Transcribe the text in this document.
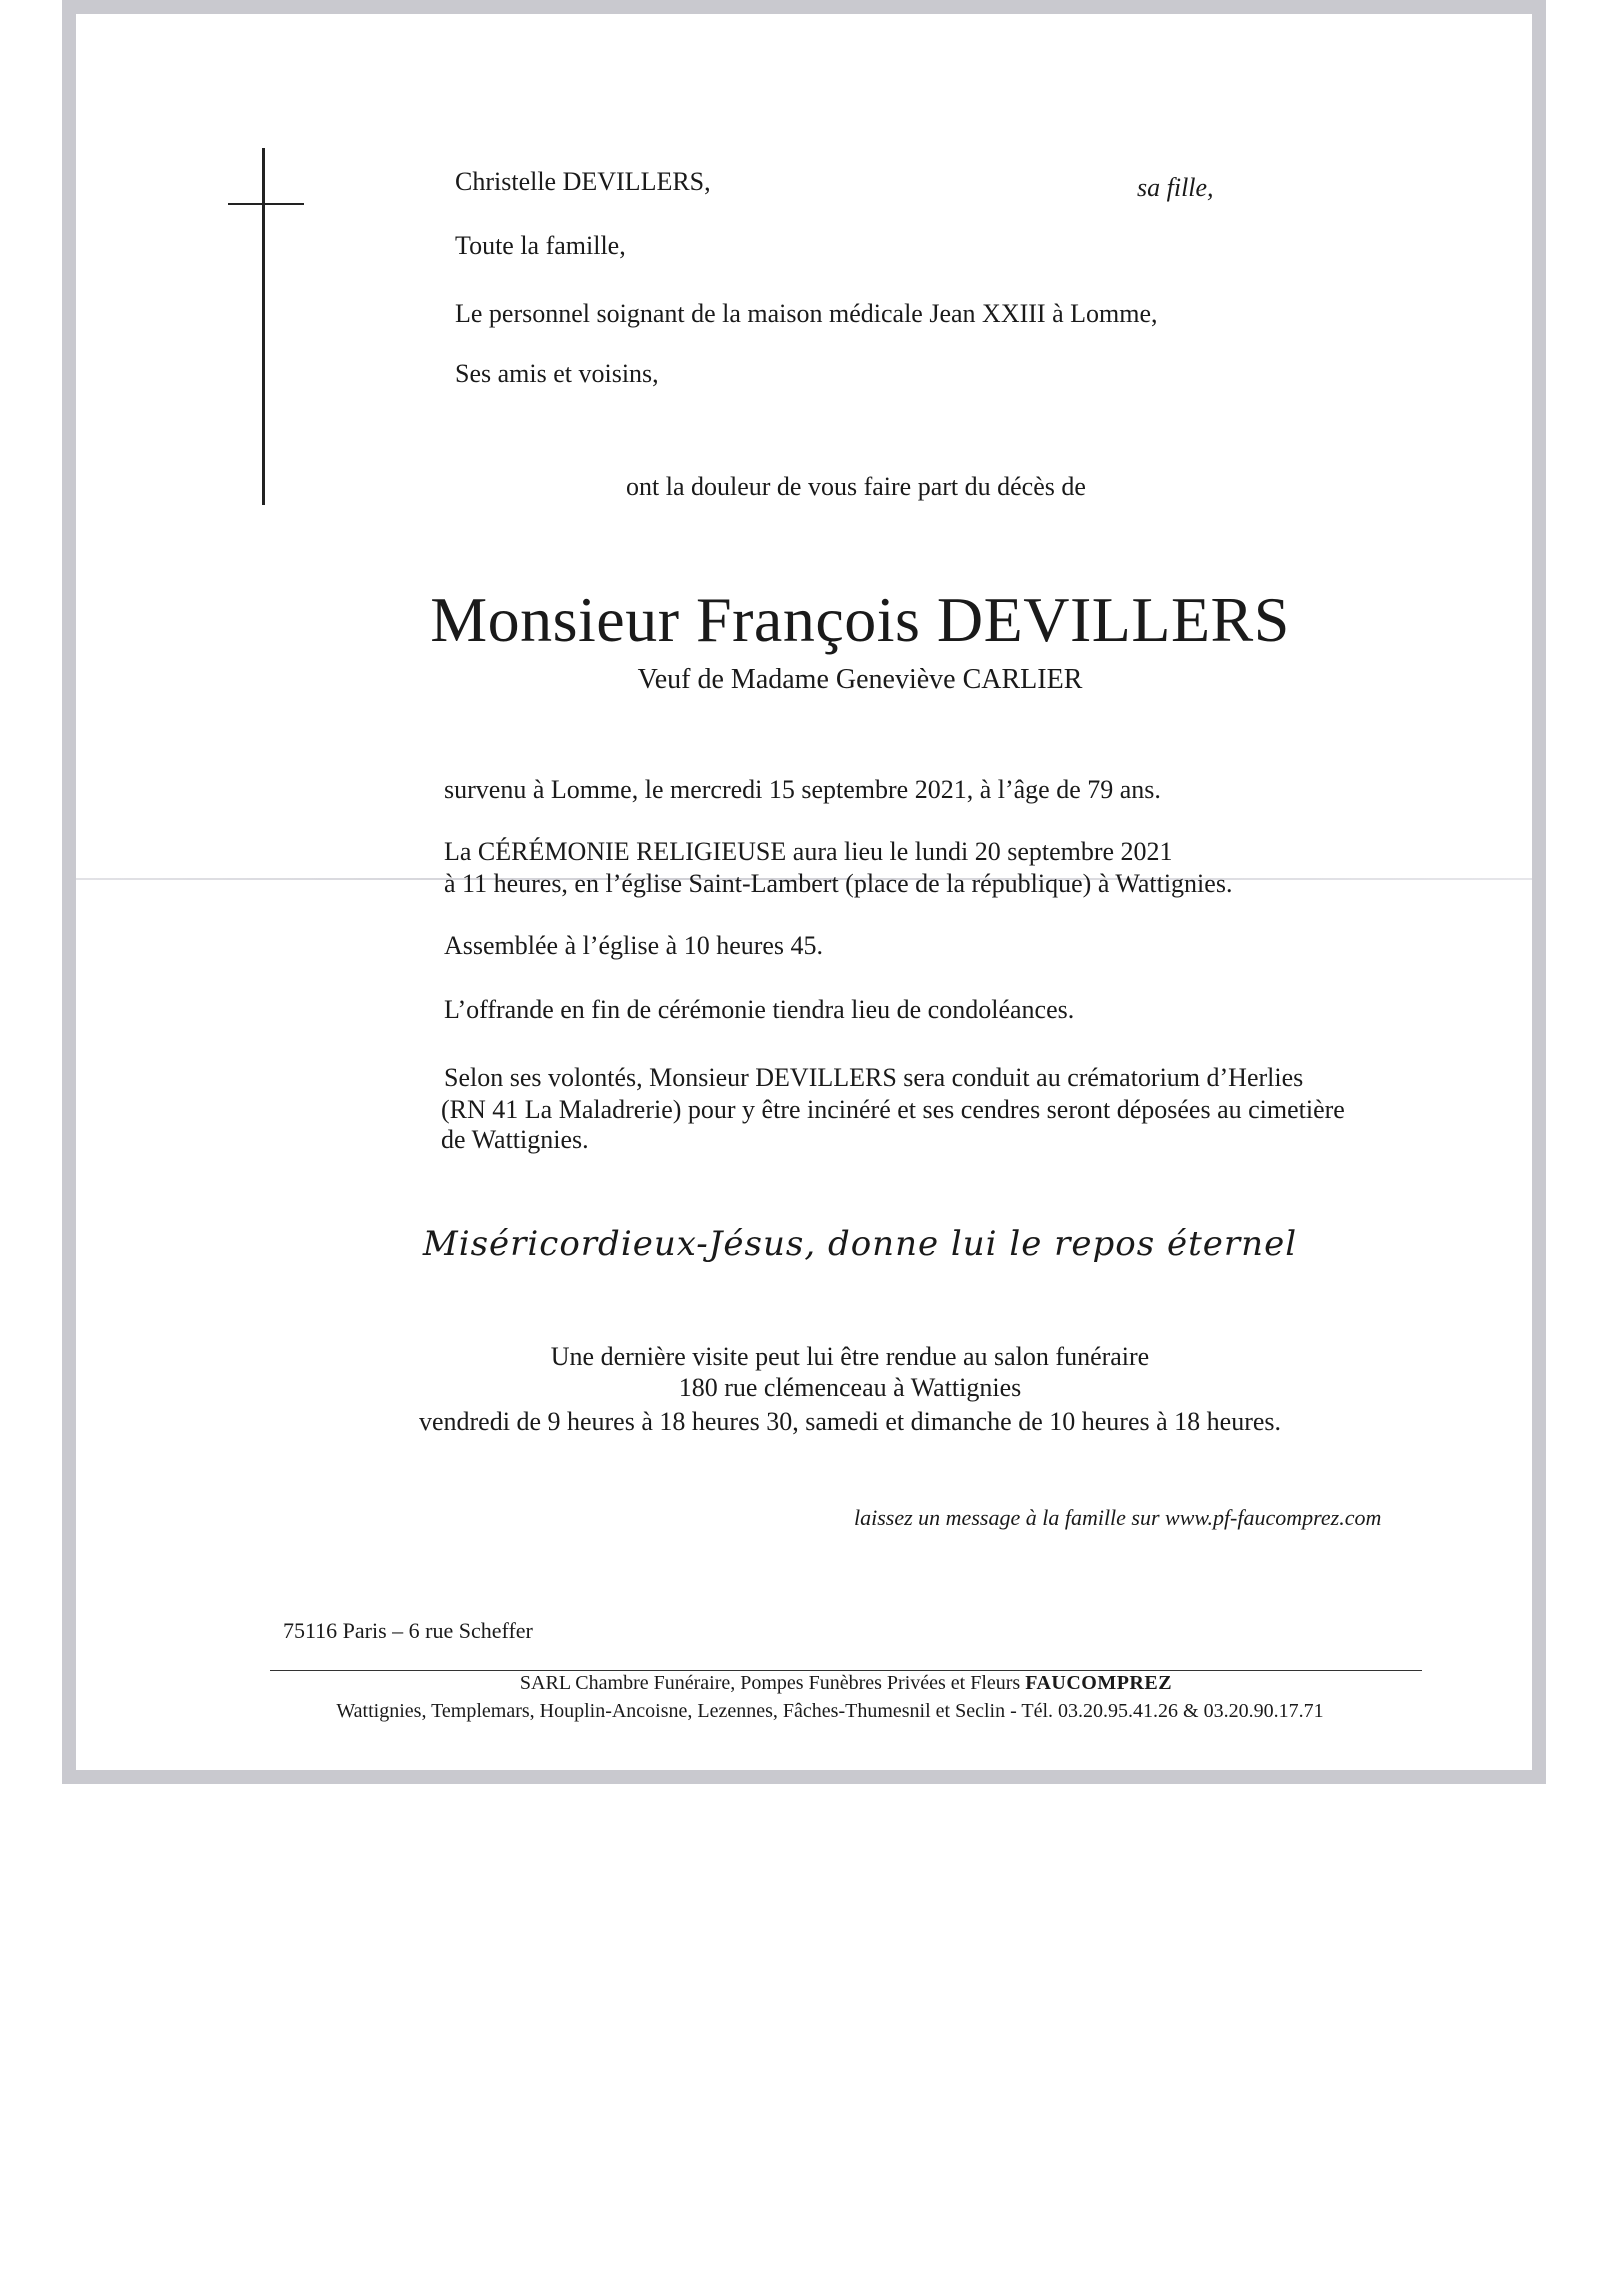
Christelle DEVILLERS,	sa fille,
Toute la famille,
Le personnel soignant de la maison médicale Jean XXIII à Lomme,
Ses amis et voisins,
ont la douleur de vous faire part du décès de
Monsieur François DEVILLERS
Veuf de Madame Geneviève CARLIER
survenu à Lomme, le mercredi 15 septembre 2021, à l’âge de 79 ans.
La CÉRÉMONIE RELIGIEUSE aura lieu le lundi 20 septembre 2021
à 11 heures, en l’église Saint-Lambert (place de la république) à Wattignies.
Assemblée à l’église à 10 heures 45.
L’offrande en fin de cérémonie tiendra lieu de condoléances.
Selon ses volontés, Monsieur DEVILLERS sera conduit au crématorium d’Herlies
(RN 41 La Maladrerie) pour y être incinéré et ses cendres seront déposées au cimetière
de Wattignies.
Miséricordieux-Jésus, donne lui le repos éternel
Une dernière visite peut lui être rendue au salon funéraire
180 rue clémenceau à Wattignies
vendredi de 9 heures à 18 heures 30, samedi et dimanche de 10 heures à 18 heures.
laissez un message à la famille sur www.pf-faucomprez.com
75116 Paris – 6 rue Scheffer
SARL Chambre Funéraire, Pompes Funèbres Privées et Fleurs FAUCOMPREZ
Wattignies, Templemars, Houplin-Ancoisne, Lezennes, Fâches-Thumesnil et Seclin - Tél. 03.20.95.41.26 & 03.20.90.17.71
